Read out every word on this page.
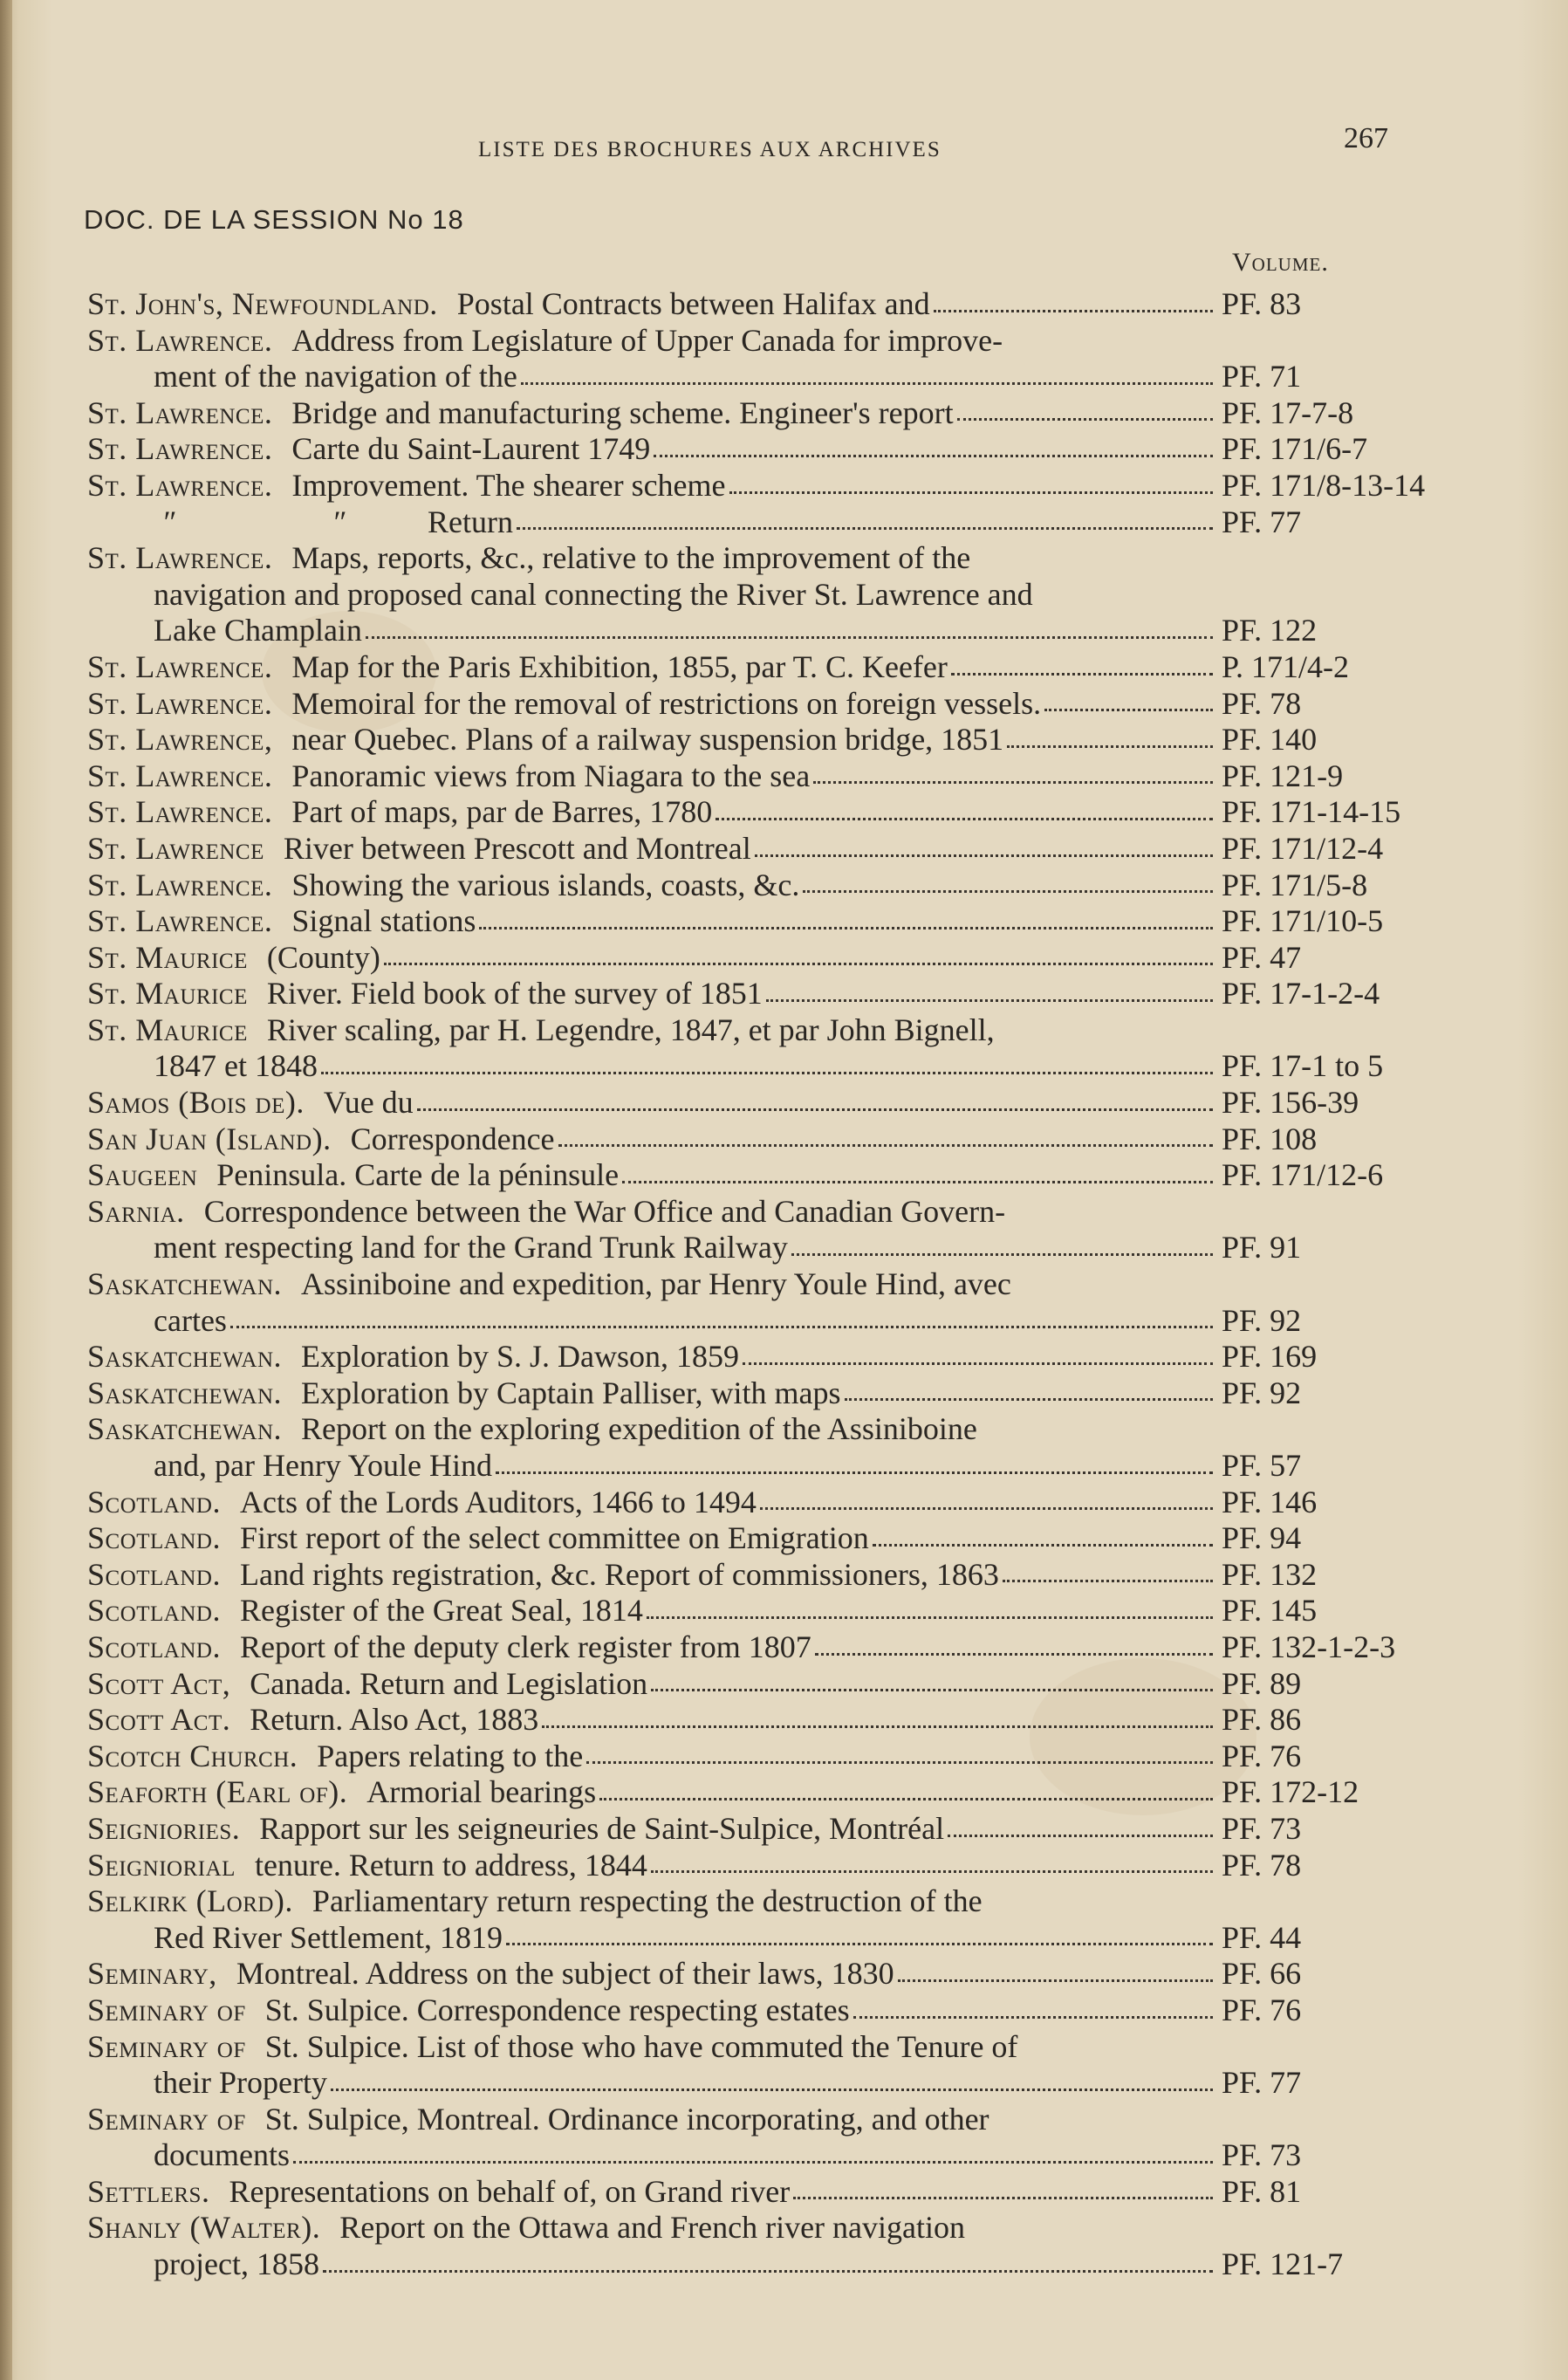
LISTE DES BROCHURES AUX ARCHIVES	267
DOC. DE LA SESSION No 18
Volume.
St. John's, Newfoundland. Postal Contracts between Halifax and	PF. 83
St. Lawrence. Address from Legislature of Upper Canada for improve-
ment of the navigation of the	PF. 71
St. Lawrence. Bridge and manufacturing scheme. Engineer's report	PF. 17-7-8
St. Lawrence. Carte du Saint-Laurent 1749	PF. 171/6-7
St. Lawrence. Improvement. The shearer scheme	PF. 171/8-13-14
″	″	Return	PF. 77
St. Lawrence. Maps, reports, &c., relative to the improvement of the
navigation and proposed canal connecting the River St. Lawrence and
Lake Champlain	PF. 122
St. Lawrence. Map for the Paris Exhibition, 1855, par T. C. Keefer	P. 171/4-2
St. Lawrence. Memoiral for the removal of restrictions on foreign vessels.	PF. 78
St. Lawrence, near Quebec. Plans of a railway suspension bridge, 1851	PF. 140
St. Lawrence. Panoramic views from Niagara to the sea	PF. 121-9
St. Lawrence. Part of maps, par de Barres, 1780	PF. 171-14-15
St. Lawrence River between Prescott and Montreal	PF. 171/12-4
St. Lawrence. Showing the various islands, coasts, &c.	PF. 171/5-8
St. Lawrence. Signal stations	PF. 171/10-5
St. Maurice (County)	PF. 47
St. Maurice River. Field book of the survey of 1851	PF. 17-1-2-4
St. Maurice River scaling, par H. Legendre, 1847, et par John Bignell,
1847 et 1848	PF. 17-1 to 5
Samos (Bois de). Vue du	PF. 156-39
San Juan (Island). Correspondence	PF. 108
Saugeen Peninsula. Carte de la péninsule	PF. 171/12-6
Sarnia. Correspondence between the War Office and Canadian Govern-
ment respecting land for the Grand Trunk Railway	PF. 91
Saskatchewan. Assiniboine and expedition, par Henry Youle Hind, avec
cartes	PF. 92
Saskatchewan. Exploration by S. J. Dawson, 1859	PF. 169
Saskatchewan. Exploration by Captain Palliser, with maps	PF. 92
Saskatchewan. Report on the exploring expedition of the Assiniboine
and, par Henry Youle Hind	PF. 57
Scotland. Acts of the Lords Auditors, 1466 to 1494	PF. 146
Scotland. First report of the select committee on Emigration	PF. 94
Scotland. Land rights registration, &c. Report of commissioners, 1863	PF. 132
Scotland. Register of the Great Seal, 1814	PF. 145
Scotland. Report of the deputy clerk register from 1807	PF. 132-1-2-3
Scott Act, Canada. Return and Legislation	PF. 89
Scott Act. Return. Also Act, 1883	PF. 86
Scotch Church. Papers relating to the	PF. 76
Seaforth (Earl of). Armorial bearings	PF. 172-12
Seigniories. Rapport sur les seigneuries de Saint-Sulpice, Montréal	PF. 73
Seigniorial tenure. Return to address, 1844	PF. 78
Selkirk (Lord). Parliamentary return respecting the destruction of the
Red River Settlement, 1819	PF. 44
Seminary, Montreal. Address on the subject of their laws, 1830	PF. 66
Seminary of St. Sulpice. Correspondence respecting estates	PF. 76
Seminary of St. Sulpice. List of those who have commuted the Tenure of
their Property	PF. 77
Seminary of St. Sulpice, Montreal. Ordinance incorporating, and other
documents	PF. 73
Settlers. Representations on behalf of, on Grand river	PF. 81
Shanly (Walter). Report on the Ottawa and French river navigation
project, 1858	PF. 121-7
